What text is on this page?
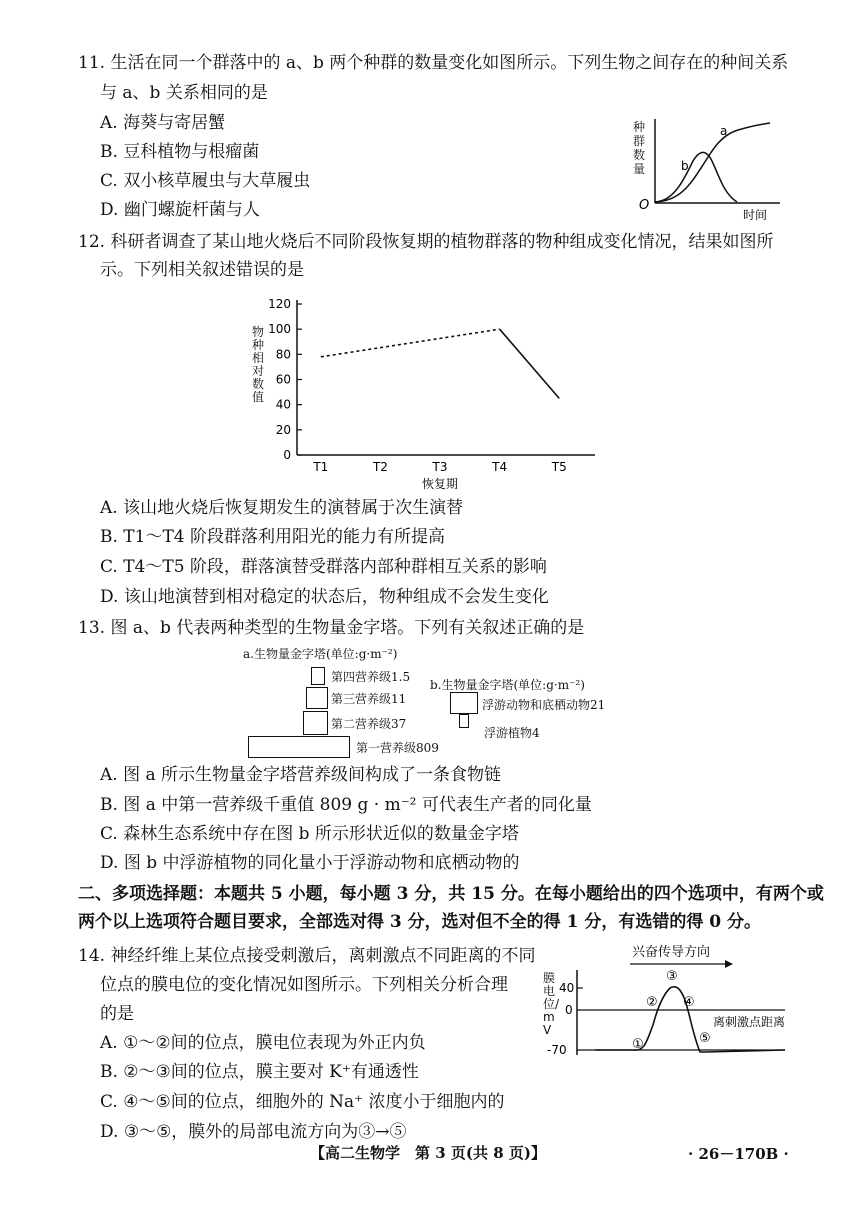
11. 生活在同一个群落中的 a、b 两个种群的数量变化如图所示。下列生物之间存在的种间关系
与 a、b 关系相同的是
A. 海葵与寄居蟹
B. 豆科植物与根瘤菌
C. 双小核草履虫与大草履虫
D. 幽门螺旋杆菌与人
a
b
O
时间
种群数量
12. 科研者调查了某山地火烧后不同阶段恢复期的植物群落的物种组成变化情况，结果如图所
示。下列相关叙述错误的是
0
20
40
60
80
100
120
T1	T2	T3	T4	T5
恢复期
物种相对数值
A. 该山地火烧后恢复期发生的演替属于次生演替
B. T1～T4 阶段群落利用阳光的能力有所提高
C. T4～T5 阶段，群落演替受群落内部种群相互关系的影响
D. 该山地演替到相对稳定的状态后，物种组成不会发生变化
13. 图 a、b 代表两种类型的生物量金字塔。下列有关叙述正确的是
a.生物量金字塔(单位:g·m⁻²)
第四营养级1.5
第三营养级11
第二营养级37
第一营养级809
b.生物量金字塔(单位:g·m⁻²)
浮游动物和底栖动物21
浮游植物4
A. 图 a 所示生物量金字塔营养级间构成了一条食物链
B. 图 a 中第一营养级千重值 809 g · m⁻² 可代表生产者的同化量
C. 森林生态系统中存在图 b 所示形状近似的数量金字塔
D. 图 b 中浮游植物的同化量小于浮游动物和底栖动物的
二、多项选择题：本题共 5 小题，每小题 3 分，共 15 分。在每小题给出的四个选项中，有两个或
两个以上选项符合题目要求，全部选对得 3 分，选对但不全的得 1 分，有选错的得 0 分。
14. 神经纤维上某位点接受刺激后，离刺激点不同距离的不同
位点的膜电位的变化情况如图所示。下列相关分析合理
的是
A. ①～②间的位点，膜电位表现为外正内负
B. ②～③间的位点，膜主要对 K⁺有通透性
C. ④～⑤间的位点，细胞外的 Na⁺ 浓度小于细胞内的
D. ③～⑤，膜外的局部电流方向为③→⑤
兴奋传导方向
40
0
-70	①
②
③
④
⑤
离刺激点距离
膜电位/mV
【高二生物学　第 3 页(共 8 页)】	· 26－170B ·
